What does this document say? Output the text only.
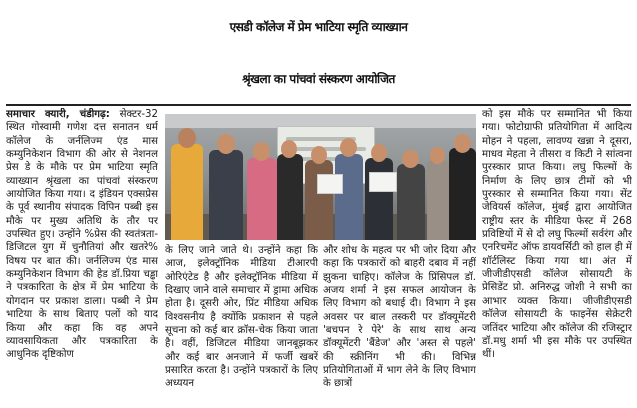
एसडी कॉलेज में प्रेम भाटिया स्मृति व्याख्यान
श्रृंखला का पांचवां संस्करण आयोजित

समाचार क्यारी, चंडीगढ़: सेक्टर-32 स्थित गोस्वामी गणेश दत्त सनातन धर्म कॉलेज के जर्नलिज्म एंड मास कम्युनिकेशन विभाग की ओर से नेशनल प्रेस डे के मौके पर प्रेम भाटिया स्मृति व्याख्यान श्रृंखला का पांचवां संस्करण आयोजित किया गया। द इंडियन एक्सप्रेस के पूर्व स्थानीय संपादक विपिन पब्बी इस मौके पर मुख्य अतिथि के तौर पर उपस्थित हुए। उन्होंने %प्रेस की स्वतंत्रता-डिजिटल युग में चुनौतियां और खतरे% विषय पर बात की। जर्नलिज्म एंड मास कम्युनिकेशन विभाग की हेड डॉ.प्रिया चड्ढा ने पत्रकारिता के क्षेत्र में प्रेम भाटिया के योगदान पर प्रकाश डाला। पब्बी ने प्रेम भाटिया के साथ बिताए पलों को याद किया और कहा कि वह अपने व्यावसायिकता और पत्रकारिता के आधुनिक दृष्टिकोण

के लिए जाने जाते थे। उन्होंने कहा कि आज, इलेक्ट्रॉनिक मीडिया टीआरपी ओरिएंटेड है और इलेक्ट्रॉनिक मीडिया में दिखाए जाने वाले समाचार में ड्रामा अधिक होता है। दूसरी ओर, प्रिंट मीडिया अधिक विश्वसनीय है क्योंकि प्रकाशन से पहले सूचना को कई बार क्रॉस-चेक किया जाता है। वहीं, डिजिटल मीडिया जानबूझकर और कई बार अनजाने में फर्जी खबरें प्रसारित करता है। उन्होंने पत्रकारों के लिए अध्ययन

और शोध के महत्व पर भी जोर दिया और कहा कि पत्रकारों को बाहरी दबाव में नहीं झुकना चाहिए। कॉलेज के प्रिंसिपल डॉ. अजय शर्मा ने इस सफल आयोजन के लिए विभाग को बधाई दी। विभाग ने इस अवसर पर बाल तस्करी पर डॉक्यूमेंटरी 'बचपन रे पेरे' के साथ साथ अन्य डॉक्यूमेंटरी 'बैंडेज' और 'अस्त से पहले' की स्क्रीनिंग भी की। विभिन्न प्रतियोगिताओं में भाग लेने के लिए विभाग के छात्रों

को इस मौके पर सम्मानित भी किया गया। फोटोग्राफी प्रतियोगिता में आदित्य मोहन ने पहला, लावण्य खन्ना ने दूसरा, माधव मेहता ने तीसरा व किटी ने सांत्वना पुरस्कार प्राप्त किया। लघु फिल्मों के निर्माण के लिए छात्र टीमों को भी पुरस्कार से सम्मानित किया गया। सेंट जेवियर्स कॉलेज, मुंबई द्वारा आयोजित राष्ट्रीय स्तर के मीडिया फेस्ट में 268 प्रविष्टियों में से दो लघु फिल्मों सर्वरंग और एनरिचमेंट ऑफ डायवर्सिटी को हाल ही में शॉर्टलिस्ट किया गया था। अंत में जीजीडीएसडी कॉलेज सोसायटी के प्रेसिडेंट प्रो. अनिरुद्ध जोशी ने सभी का आभार व्यक्त किया। जीजीडीएसडी कॉलेज सोसायटी के फाइनेंस सेक्रेटरी जतिंदर भाटिया और कॉलेज की रजिस्ट्रार डॉ.मधु शर्मा भी इस मौके पर उपस्थित थीं।
